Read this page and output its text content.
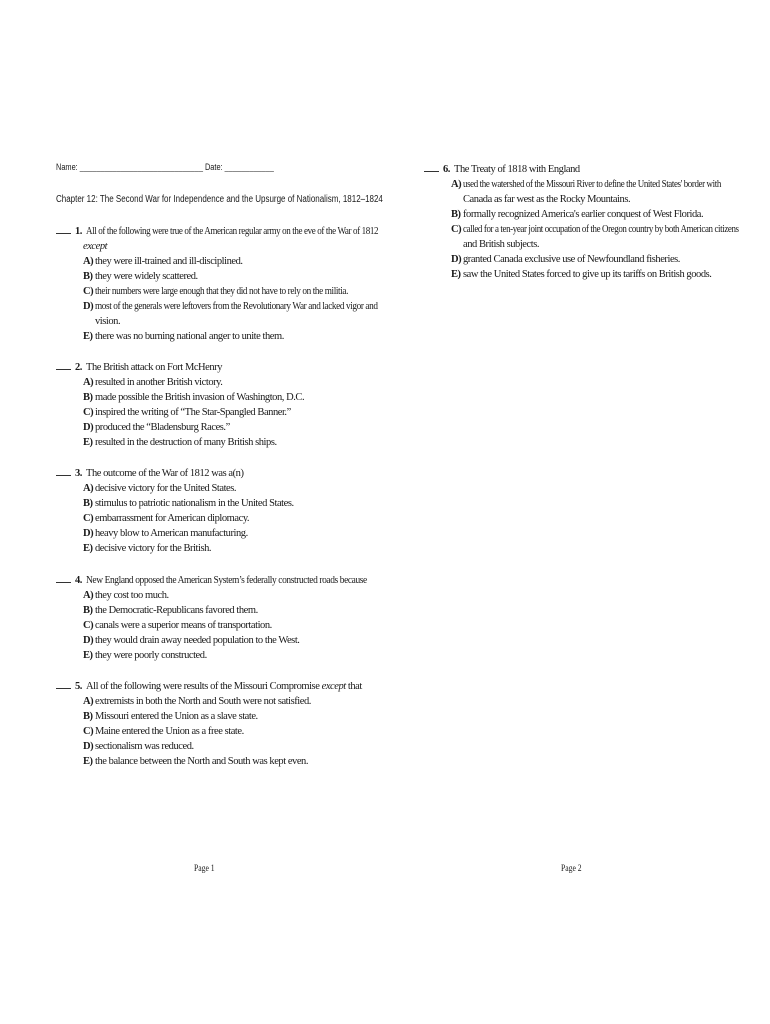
Name: ______________________________ Date: ____________
Chapter 12: The Second War for Independence and the Upsurge of Nationalism, 1812–1824
1. All of the following were true of the American regular army on the eve of the War of 1812
except
A) they were ill-trained and ill-disciplined.
B) they were widely scattered.
C) their numbers were large enough that they did not have to rely on the militia.
D) most of the generals were leftovers from the Revolutionary War and lacked vigor and
vision.
E) there was no burning national anger to unite them.
2. The British attack on Fort McHenry
A) resulted in another British victory.
B) made possible the British invasion of Washington, D.C.
C) inspired the writing of “The Star-Spangled Banner.”
D) produced the “Bladensburg Races.”
E) resulted in the destruction of many British ships.
3. The outcome of the War of 1812 was a(n)
A) decisive victory for the United States.
B) stimulus to patriotic nationalism in the United States.
C) embarrassment for American diplomacy.
D) heavy blow to American manufacturing.
E) decisive victory for the British.
4. New England opposed the American System’s federally constructed roads because
A) they cost too much.
B) the Democratic-Republicans favored them.
C) canals were a superior means of transportation.
D) they would drain away needed population to the West.
E) they were poorly constructed.
5. All of the following were results of the Missouri Compromise except that
A) extremists in both the North and South were not satisfied.
B) Missouri entered the Union as a slave state.
C) Maine entered the Union as a free state.
D) sectionalism was reduced.
E) the balance between the North and South was kept even.
6. The Treaty of 1818 with England
A) used the watershed of the Missouri River to define the United States' border with
Canada as far west as the Rocky Mountains.
B) formally recognized America's earlier conquest of West Florida.
C) called for a ten-year joint occupation of the Oregon country by both American citizens
and British subjects.
D) granted Canada exclusive use of Newfoundland fisheries.
E) saw the United States forced to give up its tariffs on British goods.
Page 1	Page 2
